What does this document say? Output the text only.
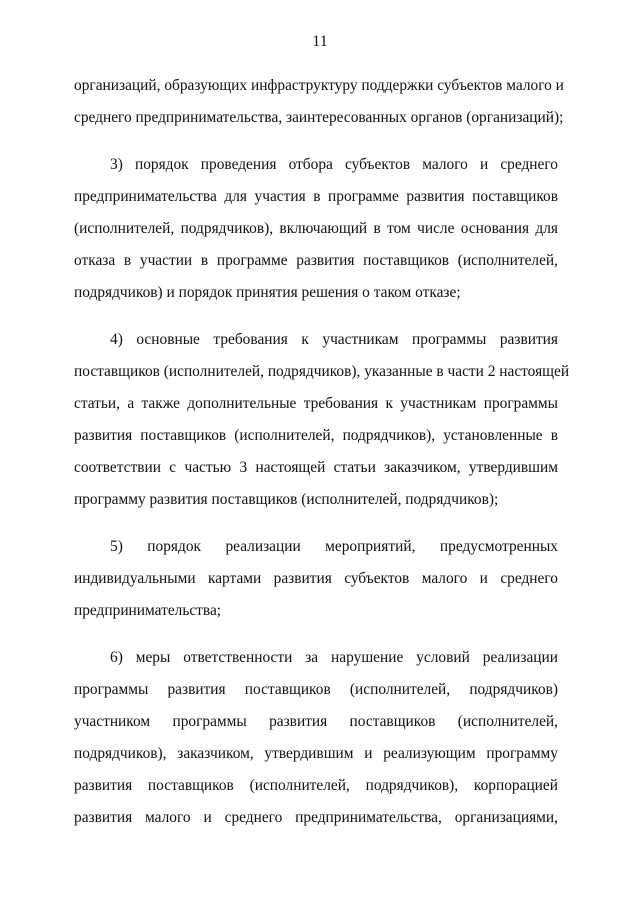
11
организаций, образующих инфраструктуру поддержки субъектов малого и
среднего предпринимательства, заинтересованных органов (организаций);
3) порядок проведения отбора субъектов малого и среднего
предпринимательства для участия в программе развития поставщиков
(исполнителей, подрядчиков), включающий в том числе основания для
отказа в участии в программе развития поставщиков (исполнителей,
подрядчиков) и порядок принятия решения о таком отказе;
4) основные требования к участникам программы развития
поставщиков (исполнителей, подрядчиков), указанные в части 2 настоящей
статьи, а также дополнительные требования к участникам программы
развития поставщиков (исполнителей, подрядчиков), установленные в
соответствии с частью 3 настоящей статьи заказчиком, утвердившим
программу развития поставщиков (исполнителей, подрядчиков);
5) порядок реализации мероприятий, предусмотренных
индивидуальными картами развития субъектов малого и среднего
предпринимательства;
6) меры ответственности за нарушение условий реализации
программы развития поставщиков (исполнителей, подрядчиков)
участником программы развития поставщиков (исполнителей,
подрядчиков), заказчиком, утвердившим и реализующим программу
развития поставщиков (исполнителей, подрядчиков), корпорацией
развития малого и среднего предпринимательства, организациями,
